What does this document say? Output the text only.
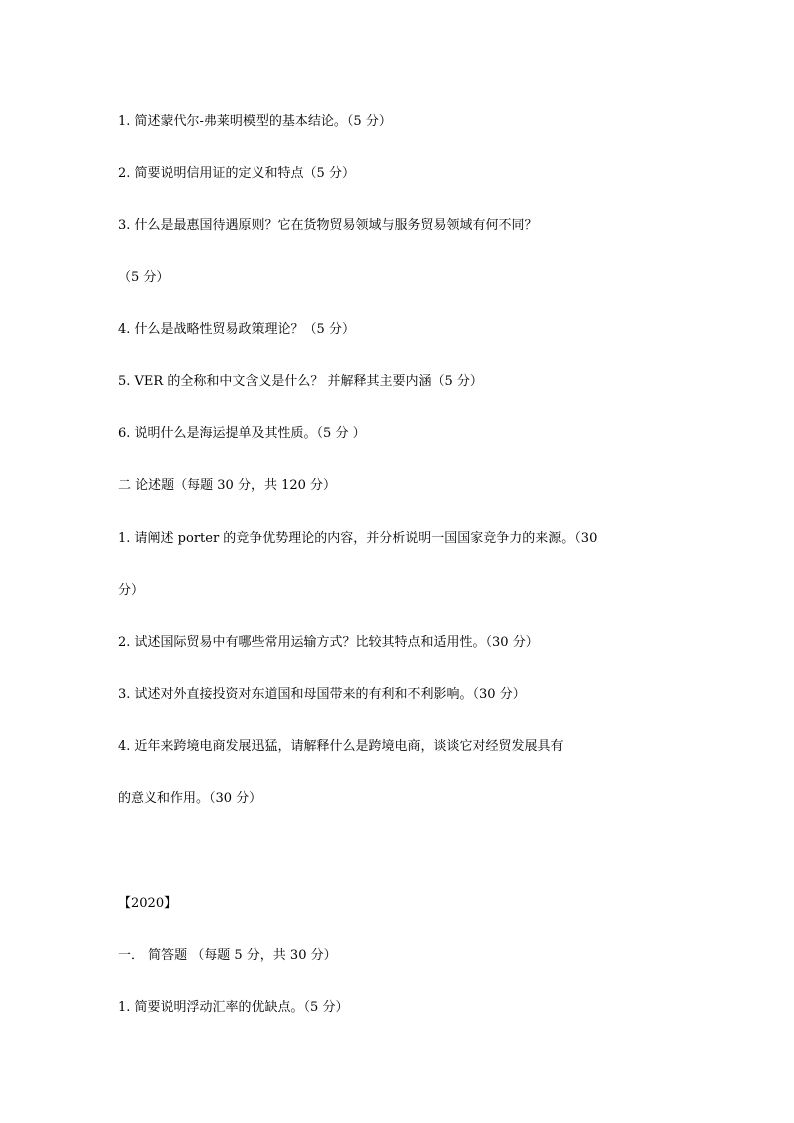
1. 简述蒙代尔-弗莱明模型的基本结论。（5 分）
2. 简要说明信用证的定义和特点（5 分）
3. 什么是最惠国待遇原则？它在货物贸易领域与服务贸易领域有何不同？
（5 分）
4. 什么是战略性贸易政策理论？（5 分）
5. VER 的全称和中文含义是什么？ 并解释其主要内涵（5 分）
6. 说明什么是海运提单及其性质。（5 分 ）
二 论述题（每题 30 分，共 120 分）
1. 请阐述 porter 的竞争优势理论的内容，并分析说明一国国家竞争力的来源。（30
分）
2. 试述国际贸易中有哪些常用运输方式？比较其特点和适用性。（30 分）
3. 试述对外直接投资对东道国和母国带来的有利和不利影响。（30 分）
4. 近年来跨境电商发展迅猛，请解释什么是跨境电商，谈谈它对经贸发展具有
的意义和作用。（30 分）
【2020】
一． 简答题 （每题 5 分，共 30 分）
1. 简要说明浮动汇率的优缺点。（5 分）
